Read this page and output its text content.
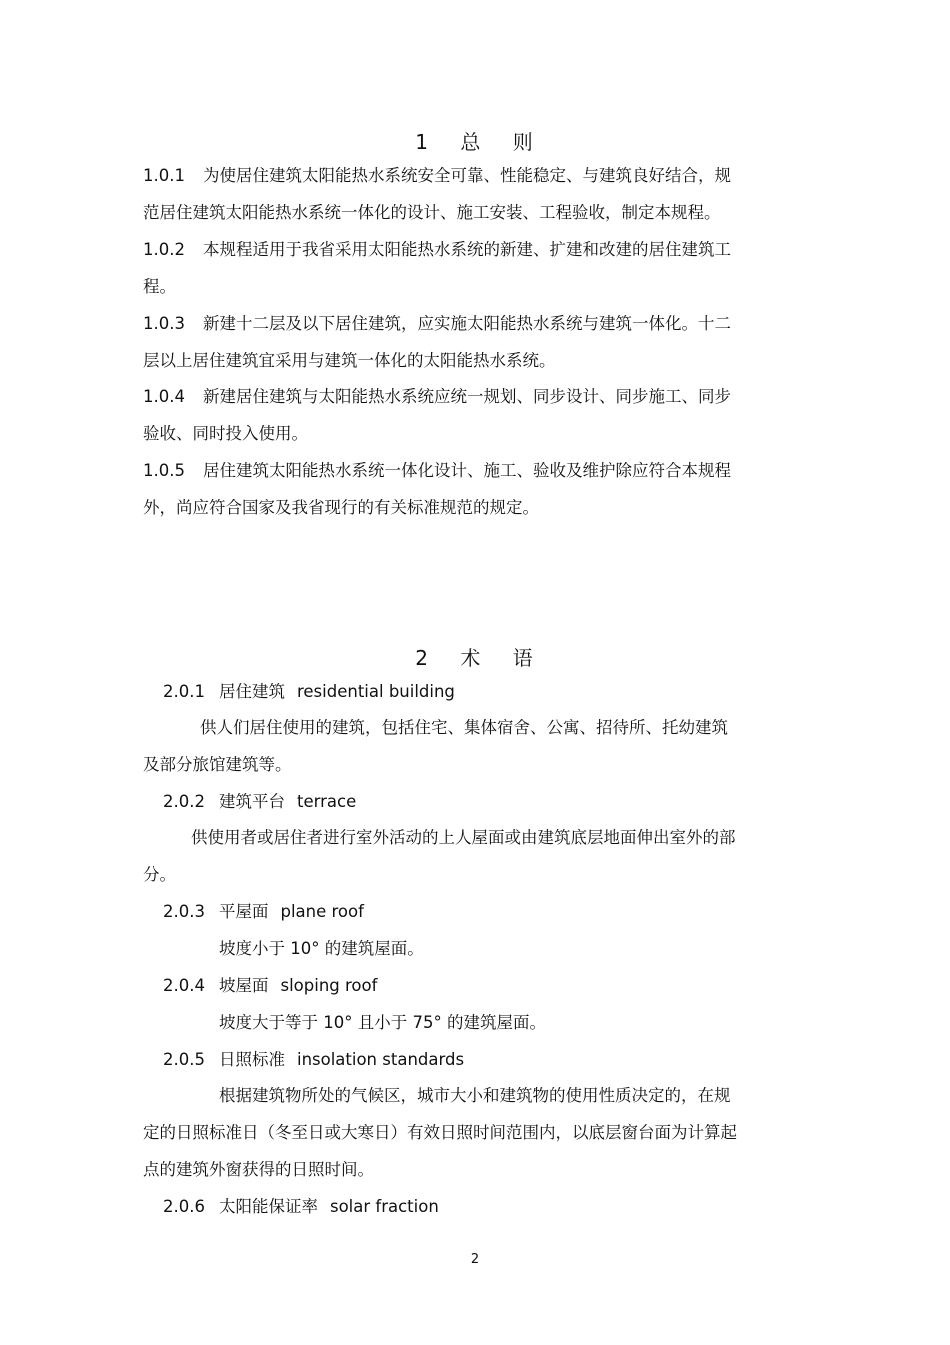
1 总 则
1.0.1 为使居住建筑太阳能热水系统安全可靠、性能稳定、与建筑良好结合，规
范居住建筑太阳能热水系统一体化的设计、施工安装、工程验收，制定本规程。
1.0.2 本规程适用于我省采用太阳能热水系统的新建、扩建和改建的居住建筑工
程。
1.0.3 新建十二层及以下居住建筑，应实施太阳能热水系统与建筑一体化。十二
层以上居住建筑宜采用与建筑一体化的太阳能热水系统。
1.0.4 新建居住建筑与太阳能热水系统应统一规划、同步设计、同步施工、同步
验收、同时投入使用。
1.0.5 居住建筑太阳能热水系统一体化设计、施工、验收及维护除应符合本规程
外，尚应符合国家及我省现行的有关标准规范的规定。
2 术 语
2.0.1 居住建筑 residential building
供人们居住使用的建筑，包括住宅、集体宿舍、公寓、招待所、托幼建筑
及部分旅馆建筑等。
2.0.2 建筑平台 terrace
供使用者或居住者进行室外活动的上人屋面或由建筑底层地面伸出室外的部
分。
2.0.3 平屋面 plane roof
坡度小于 10° 的建筑屋面。
2.0.4 坡屋面 sloping roof
坡度大于等于 10° 且小于 75° 的建筑屋面。
2.0.5 日照标准 insolation standards
根据建筑物所处的气候区，城市大小和建筑物的使用性质决定的，在规
定的日照标准日（冬至日或大寒日）有效日照时间范围内，以底层窗台面为计算起
点的建筑外窗获得的日照时间。
2.0.6 太阳能保证率 solar fraction
2
